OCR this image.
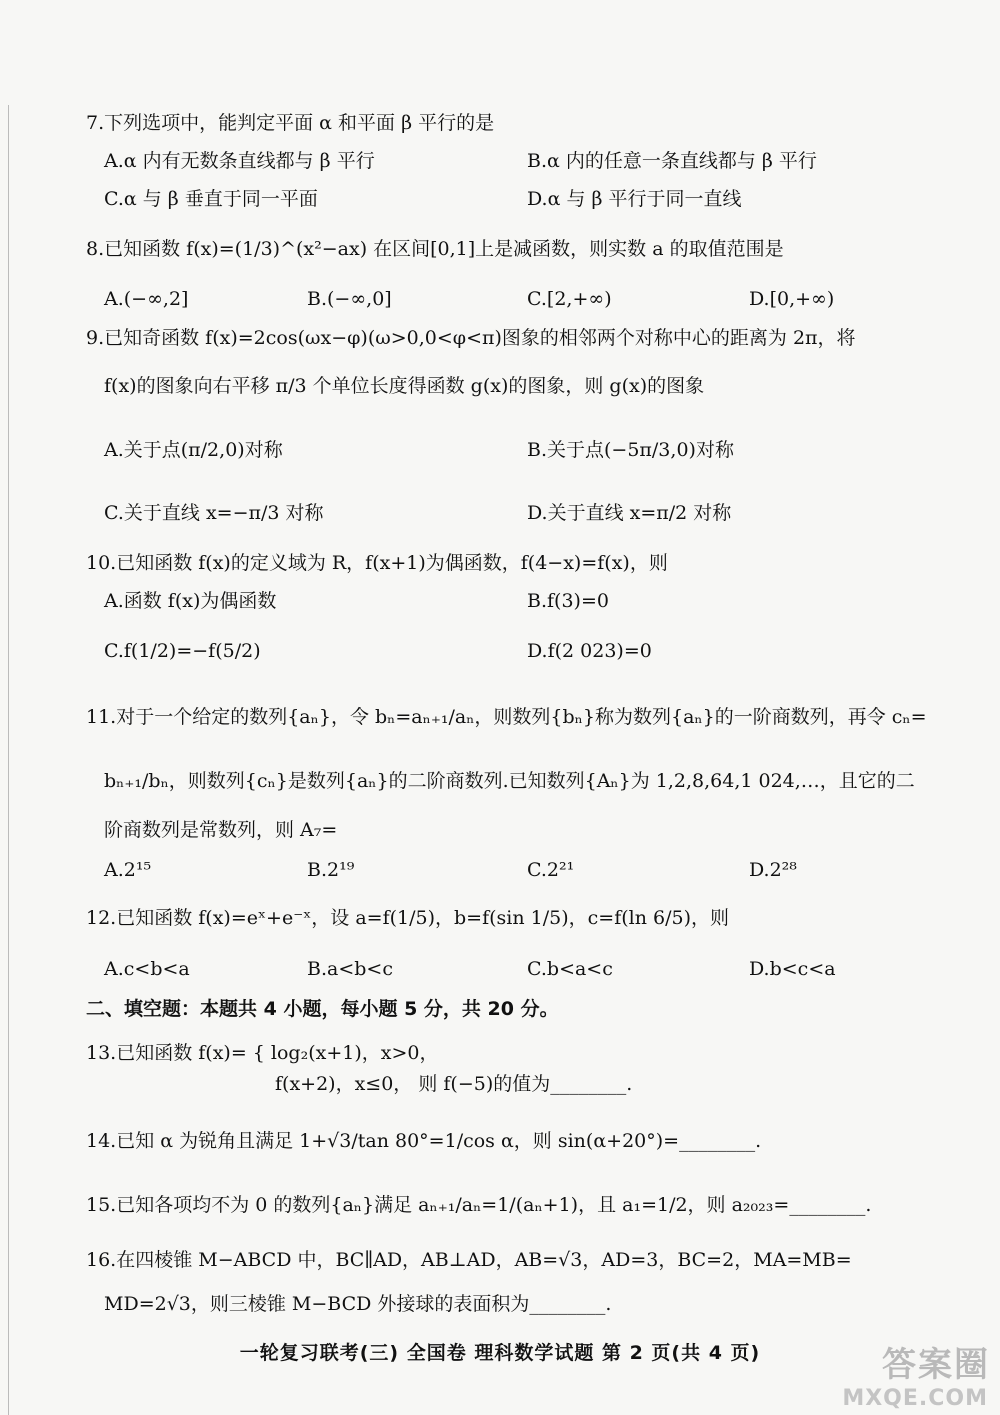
7.下列选项中，能判定平面 α 和平面 β 平行的是
A.α 内有无数条直线都与 β 平行	B.α 内的任意一条直线都与 β 平行
C.α 与 β 垂直于同一平面	D.α 与 β 平行于同一直线
8.已知函数 f(x)=(1/3)^(x²−ax) 在区间[0,1]上是减函数，则实数 a 的取值范围是
A.(−∞,2]	B.(−∞,0]	C.[2,+∞)	D.[0,+∞)
9.已知奇函数 f(x)=2cos(ωx−φ)(ω>0,0<φ<π)图象的相邻两个对称中心的距离为 2π，将
f(x)的图象向右平移 π/3 个单位长度得函数 g(x)的图象，则 g(x)的图象
A.关于点(π/2,0)对称	B.关于点(−5π/3,0)对称
C.关于直线 x=−π/3 对称	D.关于直线 x=π/2 对称
10.已知函数 f(x)的定义域为 R，f(x+1)为偶函数，f(4−x)=f(x)，则
A.函数 f(x)为偶函数	B.f(3)=0
C.f(1/2)=−f(5/2)	D.f(2 023)=0
11.对于一个给定的数列{aₙ}，令 bₙ=aₙ₊₁/aₙ，则数列{bₙ}称为数列{aₙ}的一阶商数列，再令 cₙ=
bₙ₊₁/bₙ，则数列{cₙ}是数列{aₙ}的二阶商数列.已知数列{Aₙ}为 1,2,8,64,1 024,…，且它的二
阶商数列是常数列，则 A₇=
A.2¹⁵	B.2¹⁹	C.2²¹	D.2²⁸
12.已知函数 f(x)=eˣ+e⁻ˣ，设 a=f(1/5)，b=f(sin 1/5)，c=f(ln 6/5)，则
A.c<b<a	B.a<b<c	C.b<a<c	D.b<c<a
二、填空题：本题共 4 小题，每小题 5 分，共 20 分。
13.已知函数 f(x)= { log₂(x+1)，x>0，
f(x+2)，x≤0， 则 f(−5)的值为________.
14.已知 α 为锐角且满足 1+√3/tan 80°=1/cos α，则 sin(α+20°)=________.
15.已知各项均不为 0 的数列{aₙ}满足 aₙ₊₁/aₙ=1/(aₙ+1)，且 a₁=1/2，则 a₂₀₂₃=________.
16.在四棱锥 M−ABCD 中，BC∥AD，AB⊥AD，AB=√3，AD=3，BC=2，MA=MB=
MD=2√3，则三棱锥 M−BCD 外接球的表面积为________.
一轮复习联考(三) 全国卷 理科数学试题 第 2 页(共 4 页)	答案圈
MXQE.COM
